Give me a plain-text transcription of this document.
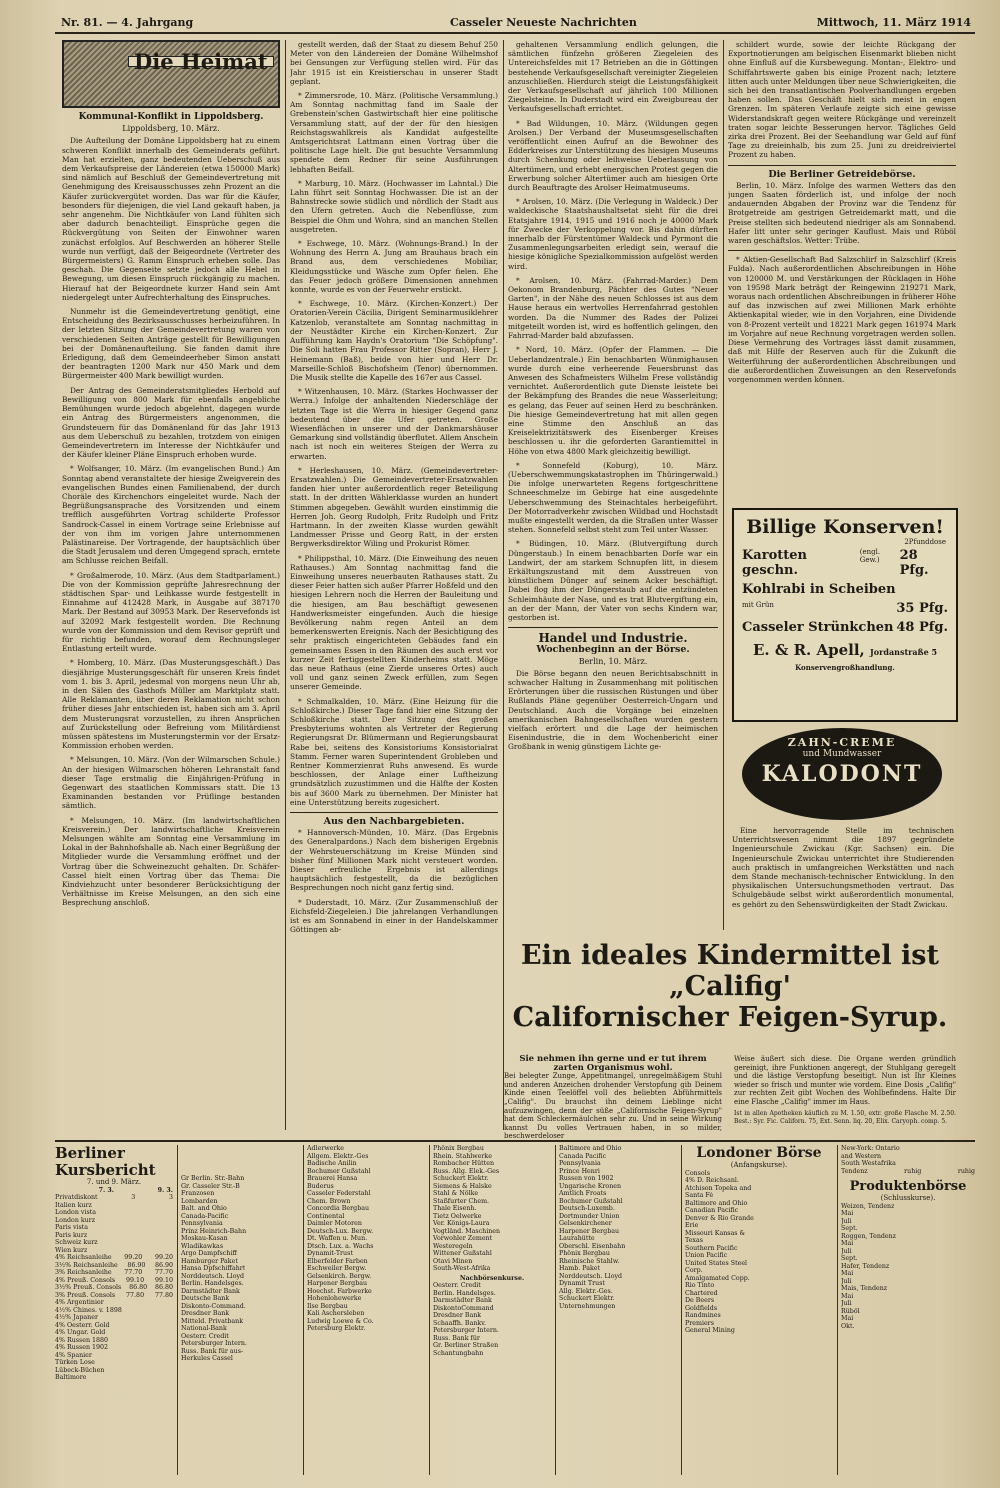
Nr. 81. — 4. Jahrgang	Casseler Neueste Nachrichten	Mittwoch, 11. März 1914
Die Heimat
Kommunal-Konflikt in Lippoldsberg.
Lippoldsberg, 10. März.

Die Aufteilung der Domäne Lippoldsberg hat zu einem schweren Konflikt innerhalb des Gemeinderats geführt. Man hat erzielten, ganz bedeutenden Ueberschuß aus dem Verkaufspreise der Ländereien (etwa 150000 Mark) sind nämlich auf Beschluß der Gemeindevertretung mit Genehmigung des Kreisausschusses zehn Prozent an die Käufer zurückvergütet worden. Das war für die Käufer, besonders für diejenigen, die viel Land gekauft haben, ja sehr angenehm. Die Nichtkäufer von Land fühlten sich aber dadurch benachteiligt. Einsprüche gegen die Rückvergütung von Seiten der Einwohner waren zunächst erfolglos. Auf Beschwerden an höherer Stelle wurde nun verfügt, daß der Beigeordnete (Vertreter des Bürgermeisters) G. Ramm Einspruch erheben solle. Das geschah. Die Gegenseite setzte jedoch alle Hebel in Bewegung, um diesen Einspruch rückgängig zu machen. Hierauf hat der Beigeordnete kurzer Hand sein Amt niedergelegt unter Aufrechterhaltung des Einspruches.

Nunmehr ist die Gemeindevertretung genötigt, eine Entscheidung des Bezirksausschusses herbeizuführen. In der letzten Sitzung der Gemeindevertretung waren von verschiedenen Seiten Anträge gestellt für Bewilligungen bei der Domänenaufteilung. Sie fanden damit ihre Erledigung, daß dem Gemeindeerheber Simon anstatt der beantragten 1200 Mark nur 450 Mark und dem Bürgermeister 400 Mark bewilligt wurden.

Der Antrag des Gemeinderatsmitgliedes Herbold auf Bewilligung von 800 Mark für ebenfalls angebliche Bemühungen wurde jedoch abgelehnt, dagegen wurde ein Antrag des Bürgermeisters angenommen, die Grundsteuern für das Domänenland für das Jahr 1913 aus dem Ueberschuß zu bezahlen, trotzdem von einigen Gemeindevertretern im Interesse der Nichtkäufer und der Käufer kleiner Pläne Einspruch erhoben wurde.

* Wolfsanger, 10. März. (Im evangelischen Bund.) Am Sonntag abend veranstaltete der hiesige Zweigverein des evangelischen Bundes einen Familienabend, der durch Choräle des Kirchenchors eingeleitet wurde. Nach der Begrüßungsansprache des Vorsitzenden und einem trefflich ausgeführten Vortrag schilderte Professor Sandrock-Cassel in einem Vortrage seine Erlebnisse auf der von ihm im vorigen Jahre unternommenen Palästinareise. Der Vortragende, der hauptsächlich über die Stadt Jerusalem und deren Umgegend sprach, erntete am Schlusse reichen Beifall.

* Großalmerode, 10. März. (Aus dem Stadtparlament.) Die von der Kommission geprüfte Jahresrechnung der städtischen Spar- und Leihkasse wurde festgestellt in Einnahme auf 412428 Mark, in Ausgabe auf 387170 Mark. Der Bestand auf 30953 Mark. Der Reservefonds ist auf 32092 Mark festgestellt worden. Die Rechnung wurde von der Kommission und dem Revisor geprüft und für richtig befunden, worauf dem Rechnungsleger Entlastung erteilt wurde.

* Homberg, 10. März. (Das Musterungsgeschäft.) Das diesjährige Musterungsgeschäft für unseren Kreis findet vom 1. bis 3. April, jedesmal von morgens neun Uhr ab, in den Sälen des Gasthofs Müller am Marktplatz statt. Alle Reklamanten, über deren Reklamation nicht schon früher dieses Jahr entschieden ist, haben sich am 3. April dem Musterungsrat vorzustellen, zu ihren Ansprüchen auf Zurückstellung oder Befreiung vom Militärdienst müssen spätestens im Musterungstermin vor der Ersatz-Kommission erhoben werden.

* Melsungen, 10. März. (Von der Wilmarschen Schule.) An der hiesigen Wilmarschen höheren Lehranstalt fand dieser Tage erstmalig die Einjährigen-Prüfung in Gegenwart des staatlichen Kommissars statt. Die 13 Examinanden bestanden vor Prüflinge bestanden sämtlich.

* Melsungen, 10. März. (Im landwirtschaftlichen Kreisverein.) Der landwirtschaftliche Kreisverein Melsungen wählte am Sonntag eine Versammlung im Lokal in der Bahnhofshalle ab. Nach einer Begrüßung der Mitglieder wurde die Versammlung eröffnet und der Vortrag über die Schweinezucht gehalten. Dr. Schäfer-Cassel hielt einen Vortrag über das Thema: Die Kindviehzucht unter besonderer Berücksichtigung der Verhältnisse im Kreise Melsungen, an den sich eine Besprechung anschloß.

gestellt werden, daß der Staat zu diesem Behuf 250 Meter von den Ländereien der Domäne Wilhelmshof bei Gensungen zur Verfügung stellen wird. Für das Jahr 1915 ist ein Kreistierschau in unserer Stadt geplant.

* Zimmersrode, 10. März. (Politische Versammlung.) Am Sonntag nachmittag fand im Saale der Grebenstein'schen Gastwirtschaft hier eine politische Versammlung statt, auf der der für den hiesigen Reichstagswahlkreis als Kandidat aufgestellte Amtsgerichtsrat Lattmann einen Vortrag über die politische Lage hielt. Die gut besuchte Versammlung spendete dem Redner für seine Ausführungen lebhaften Beifall.

* Marburg, 10. März. (Hochwasser im Lahntal.) Die Lahn führt seit Sonntag Hochwasser. Die ist an der Bahnstrecke sowie südlich und nördlich der Stadt aus den Ufern getreten. Auch die Nebenflüsse, zum Beispiel die Ohm und Wohra, sind an manchen Stellen ausgetreten.

* Eschwege, 10. März. (Wohnungs-Brand.) In der Wohnung des Herrn A. Jung am Brauhaus brach ein Brand aus, dem verschiedenes Mobiliar, Kleidungsstücke und Wäsche zum Opfer fielen. Ehe das Feuer jedoch größere Dimensionen annehmen konnte, wurde es von der Feuerwehr erstickt.

* Eschwege, 10. März. (Kirchen-Konzert.) Der Oratorien-Verein Cäcilia, Dirigent Seminarmusiklehrer Katzenlob, veranstaltete am Sonntag nachmittag in der Neustädter Kirche ein Kirchen-Konzert. Zur Aufführung kam Haydn's Oratorium "Die Schöpfung". Die Soli hatten Frau Professor Ritter (Sopran), Herr J. Heinemann (Baß), beide von hier und Herr Dr. Marseille-Schloß Bischofsheim (Tenor) übernommen. Die Musik stellte die Kapelle des 167er aus Cassel.

* Witzenhausen, 10. März. (Starkes Hochwasser der Werra.) Infolge der anhaltenden Niederschläge der letzten Tage ist die Werra in hiesiger Gegend ganz bedeutend über die Ufer getreten. Große Wiesenflächen in unserer und der Dankmarshäuser Gemarkung sind vollständig überflutet. Allem Anschein nach ist noch ein weiteres Steigen der Werra zu erwarten.

* Herleshausen, 10. März. (Gemeindevertreter-Ersatzwahlen.) Die Gemeindevertreter-Ersatzwahlen fanden hier unter außerordentlich reger Beteiligung statt. In der dritten Wählerklasse wurden an hundert Stimmen abgegeben. Gewählt wurden einstimmig die Herren Joh. Georg Rudolph, Fritz Rudolph und Fritz Hartmann. In der zweiten Klasse wurden gewählt Landmesser Prisse und Georg Ratt, in der ersten Bergwerksdirektor Wiling und Prokurist Römer.

* Philippsthal, 10. März. (Die Einweihung des neuen Rathauses.) Am Sonntag nachmittag fand die Einweihung unseres neuerbauten Rathauses statt. Zu dieser Feier hatten sich außer Pfarrer Hoßfeld und den hiesigen Lehrern noch die Herren der Bauleitung und die hiesigen, am Bau beschäftigt gewesenen Handwerksmeister eingefunden. Auch die hiesige Bevölkerung nahm regen Anteil an dem bemerkenswerten Ereignis. Nach der Besichtigung des sehr praktisch eingerichteten Gebäudes fand ein gemeinsames Essen in den Räumen des auch erst vor kurzer Zeit fertiggestellten Kinderheims statt. Möge das neue Rathaus (eine Zierde unseres Ortes) auch voll und ganz seinen Zweck erfüllen, zum Segen unserer Gemeinde.

* Schmalkalden, 10. März. (Eine Heizung für die Schloßkirche.) Dieser Tage fand hier eine Sitzung der Schloßkirche statt. Der Sitzung des großen Presbyteriums wohnten als Vertreter der Regierung Regierungsrat Dr. Blümermann und Regierungsbaurat Rabe bei, seitens des Konsistoriums Konsistorialrat Stamm. Ferner waren Superintendent Grobleben und Rentner Kommerzienrat Ruhs anwesend. Es wurde beschlossen, der Anlage einer Luftheizung grundsätzlich zuzustimmen und die Hälfte der Kosten bis auf 3600 Mark zu übernehmen. Der Minister hat eine Unterstützung bereits zugesichert.

Aus den Nachbargebieten.

* Hannoversch-Münden, 10. März. (Das Ergebnis des Generalpardons.) Nach dem bisherigen Ergebnis der Wehrsteuerschätzung im Kreise Münden sind bisher fünf Millionen Mark nicht versteuert worden. Dieser erfreuliche Ergebnis ist allerdings hauptsächlich festgestellt, da die bezüglichen Besprechungen noch nicht ganz fertig sind.

* Duderstadt, 10. März. (Zur Zusammenschluß der Eichsfeld-Ziegeleien.) Die jahrelangen Verhandlungen ist es am Sonnabend in einer in der Handelskammer Göttingen ab-

gehaltenen Versammlung endlich gelungen, die sämtlichen fünfzehn größeren Ziegeleien des Untereichsfeldes mit 17 Betrieben an die in Göttingen bestehende Verkaufsgesellschaft vereinigter Ziegeleien anzuschließen. Hierdurch steigt die Leistungsfähigkeit der Verkaufsgesellschaft auf jährlich 100 Millionen Ziegelsteine. In Duderstadt wird ein Zweigbureau der Verkaufsgesellschaft errichtet.

* Bad Wildungen, 10. März. (Wildungen gegen Arolsen.) Der Verband der Museumsgesellschaften veröffentlicht einen Aufruf an die Bewohner des Edderkreises zur Unterstützung des hiesigen Museums durch Schenkung oder leihweise Ueberlassung von Altertümern, und erhebt energischen Protest gegen die Erwerbung solcher Altertümer auch am hiesigen Orte durch Beauftragte des Arolser Heimatmuseums.

* Arolsen, 10. März. (Die Verlegung in Waldeck.) Der waldeckische Staatshaushaltsetat sieht für die drei Etatsjahre 1914, 1915 und 1916 noch je 40000 Mark für Zwecke der Verkoppelung vor. Bis dahin dürften innerhalb der Fürstentümer Waldeck und Pyrmont die Zusammenlegungsarbeiten erledigt sein, werauf die hiesige königliche Spezialkommission aufgelöst werden wird.

* Arolsen, 10. März. (Fahrrad-Marder.) Dem Oekonom Brandenburg, Pächter des Gutes "Neuer Garten", in der Nähe des neuen Schlosses ist aus dem Hause heraus ein wertvolles Herrenfahrrad gestohlen worden. Da die Nummer des Rades der Polizei mitgeteilt worden ist, wird es hoffentlich gelingen, den Fahrrad-Marder bald abzufassen.

* Nord, 10. März. (Opfer der Flammen. — Die Ueberlandzentrale.) Ein benachbarten Wünmighausen wurde durch eine verheerende Feuersbrunst das Anwesen des Schafmeisters Wilhelm Frese vollständig vernichtet. Außerordentlich gute Dienste leistete bei der Bekämpfung des Brandes die neue Wasserleitung; es gelang, das Feuer auf seinen Herd zu beschränken. Die hiesige Gemeindevertretung hat mit allen gegen eine Stimme den Anschluß an das Kreiselektrizitätswerk des Eisenberger Kreises beschlossen u. ihr die geforderten Garantiemittel in Höhe von etwa 4800 Mark gleichzeitig bewilligt.

* Sonnefeld (Koburg), 10. März. (Ueberschwemmungskatastrophen im Thüringerwald.) Die infolge unerwarteten Regens fortgeschrittene Schneeschmelze im Gebirge hat eine ausgedehnte Ueberschwemmung des Steinachtales herbeigeführt. Der Motorradverkehr zwischen Wildbad und Hochstadt mußte eingestellt werden, da die Straßen unter Wasser stehen. Sonnefeld selbst steht zum Teil unter Wasser.

* Büdingen, 10. März. (Blutvergiftung durch Düngerstaub.) In einem benachbarten Dorfe war ein Landwirt, der am starkem Schnupfen litt, in diesem Erkältungszustand mit dem Ausstreuen von künstlichem Dünger auf seinem Acker beschäftigt. Dabei flog ihm der Düngerstaub auf die entzündeten Schleimhäute der Nase, und es trat Blutvergiftung ein, an der der Mann, der Vater von sechs Kindern war, gestorben ist.

Handel und Industrie.
Wochenbeginn an der Börse.
Berlin, 10. März.

Die Börse begann den neuen Berichtsabschnitt in schwacher Haltung in Zusammenhang mit politischen Erörterungen über die russischen Rüstungen und über Rußlands Pläne gegenüber Oesterreich-Ungarn und Deutschland. Auch die Vorgänge bei einzelnen amerikanischen Bahngesellschaften wurden gestern vielfach erörtert und die Lage der heimischen Eisenindustrie, die in dem Wochenbericht einer Großbank in wenig günstigem Lichte ge-

schildert wurde, sowie der leichte Rückgang der Exportnotierungen am belgischen Eisenmarkt blieben nicht ohne Einfluß auf die Kursbewegung. Montan-, Elektro- und Schiffahrtswerte gaben bis einige Prozent nach; letztere litten auch unter Meldungen über neue Schwierigkeiten, die sich bei den transatlantischen Poolverhandlungen ergeben haben sollen. Das Geschäft hielt sich meist in engen Grenzen. Im späteren Verlaufe zeigte sich eine gewisse Widerstandskraft gegen weitere Rückgänge und vereinzelt traten sogar leichte Besserungen hervor. Tägliches Geld zirka drei Prozent. Bei der Seehandlung war Geld auf fünf Tage zu dreieinhalb, bis zum 25. Juni zu dreidreiviertel Prozent zu haben.

Die Berliner Getreidebörse.

Berlin, 10. März. Infolge des warmen Wetters das den jungen Saaten förderlich ist, und infolge der noch andauernden Abgaben der Provinz war die Tendenz für Brotgetreide am gestrigen Getreidemarkt matt, und die Preise stellten sich bedeutend niedriger als am Sonnabend. Hafer litt unter sehr geringer Kauflust. Mais und Rüböl waren geschäftslos. Wetter: Trübe.

* Aktien-Gesellschaft Bad Salzschlirf in Salzschlirf (Kreis Fulda). Nach außerordentlichen Abschreibungen in Höhe von 120000 M. und Verstärkungen der Rücklagen in Höhe von 19598 Mark beträgt der Reingewinn 219271 Mark, woraus nach ordentlichen Abschreibungen in früherer Höhe auf das inzwischen auf zwei Millionen Mark erhöhte Aktienkapital wieder, wie in den Vorjahren, eine Dividende von 8-Prozent verteilt und 18221 Mark gegen 161974 Mark im Vorjahre auf neue Rechnung vorgetragen werden sollen. Diese Vermehrung des Vortrages lässt damit zusammen, daß mit Hilfe der Reserven auch für die Zukunft die Weiterführung der außerordentlichen Abschreibungen und die außerordentlichen Zuweisungen an den Reservefonds vorgenommen werden können.

Billige Konserven!
2Pfunddose
Karotten geschn.
(engl. Gew.)	28 Pfg.
Kohlrabi in Scheiben
mit Grün	35 Pfg.
Casseler Strünkchen 48 Pfg.
E. & R. Apell, Jordanstraße 5
Konservengroßhandlung.
ZAHN-CREME
und Mundwasser
KALODONT

Eine hervorragende Stelle im technischen Unterrichtswesen nimmt die 1897 gegründete Ingenieurschule Zwickau (Kgr. Sachsen) ein. Die Ingenieurschule Zwickau unterrichtet ihre Studierenden auch praktisch in umfangreichen Werkstätten und nach dem Stande mechanisch-technischer Entwicklung. In den physikalischen Untersuchungsmethoden vertraut. Das Schulgebäude selbst wirkt außerordentlich monumental, es gehört zu den Sehenswürdigkeiten der Stadt Zwickau.

Ein ideales Kindermittel ist „Califig'
Californischer Feigen-Syrup.
Sie nehmen ihn gerne und er tut ihrem zarten Organismus wohl.
Bei belegter Zunge, Appetitmangel, unregelmäßigem Stuhl und anderen Anzeichen drohender Verstopfung gib Deinem Kinde einen Teelöffel voll des beliebten Abführmittels „Califig". Du brauchst ihn deinem Lieblinge nicht aufzuzwingen, denn der süße „Californische Feigen-Syrup" hat dem Schleckermäulchen sehr zu. Und in seine Wirkung kannst Du volles Vertrauen haben, in so milder, beschwerdeloser
Weise äußert sich diese. Die Organe werden gründlich gereinigt, ihre Funktionen angeregt, der Stuhlgang geregelt und die lästige Verstopfung beseitigt. Nun ist Ihr Kleines wieder so frisch und munter wie vordem. Eine Dosis „Califig" zur rechten Zeit gibt Wochen des Wohlbefindens. Halte Dir eine Flasche „Califig" immer im Haus.
Ist in allen Apotheken käuflich zu M. 1.50, extr. große Flasche M. 2.50. Best.: Syr. Fic. Californ. 75, Ext. Senn. liq. 20, Elix. Caryoph. comp. 5.
Berliner Kursbericht
7. und 9. März.
7. 3.	9. 3.
Privatdiskont	3	3
Italien kurz
London vista
London kurz
Paris vista
Paris kurz
Schweiz kurz
Wien kurz
4% Reichsanleihe	99.20	99.20
3½% Reichsanleihe	86.90	86.90
3% Reichsanleihe	77.70	77.70
4% Preuß. Consols	99.10	99.10
3½% Preuß. Consols	86.80	86.80
3% Preuß. Consols	77.80	77.80
4% Argentinier
4½% Chines. v. 1898
4½% Japaner
4% Oesterr. Gold
4% Ungar. Gold
4% Russen 1880
4% Russen 1902
4% Spanier
Türken Lose
Lübeck-Büchen
Baltimore
Gr Berlin. Str.-Bahn
Gr. Casseler Str.-B
Franzosen
Lombarden
Balt. and Ohio
Canada-Pacific
Pennsylvania
Prinz Heinrich-Bahn
Moskau-Kasan
Wladikawkas
Argo Dampfschiff
Hamburger Paket
Hansa Dpfschiffahrt
Norddeutsch. Lloyd
Berlin. Handelsges.
Darmstädter Bank
Deutsche Bank
Diskonto-Command.
Dresdner Bank
Mitteld. Privatbank
National-Bank
Oesterr. Credit
Petersburger Intern.
Russ. Bank für aus-
Herkules Cassel
Adlerwerke
Allgem. Elektr.-Ges
Badische Anilin
Bochumer Gußstahl
Brauerei Hansa
Buderus
Casseler Federstahl
Chem. Brown
Concordia Bergbau
Continental
Daimler Motoren
Deutsch-Lux. Bergw.
Dt. Waffen u. Mun.
Dtsch. Lux. a. Wachs
Dynamit-Trust
Elberfelder Farben
Eschweiler Bergw.
Gelsenkirch. Bergw.
Harpener Bergbau
Hoechst. Farbwerke
Hohenlohewerke
Ilse Bergbau
Kali Aschersleben
Ludwig Loewe & Co.
Petersburg Elektr.
Phönix Bergbau
Rhein. Stahlwerke
Rombacher Hütten
Russ. Allg. Elek.-Ges
Schuckert Elektr.
Siemens & Halske
Stahl & Nölke
Staßfurter Chem.
Thale Eisenh.
Tietz Oelwerke
Ver. Königs-Laura
Vogtländ. Maschinen
Vorwohler Zement
Westeregeln
Wittener Gußstahl
Otavi Minen
South-West-Afrika
Nachbörsenkurse.
Oesterr. Credit
Berlin. Handelsges.
Darmstädter Bank
DiskontoCommand
Dresdner Bank
Schaaffh. Bankv.
Petersburger Intern.
Russ. Bank für
Gr. Berliner Straßen
Schantungbahn
Baltimore and Ohio
Canada Pacific
Pennsylvania
Prince Henri
Russen von 1902
Ungarische Kronen
Amtlich Froats
Bochumer Gußstahl
Deutsch-Luxemb.
Dortmunder Union
Gelsenkirchener
Harpener Bergbau
Laurahütte
Oberschl. Eisenbahn
Phönix Bergbau
Rheinische Stahlw.
Hamb. Paket
Norddeutsch. Lloyd
Dynamit Trust
Allg. Elektr.-Ges.
Schuckert Elektr.
Unternehmungen
Londoner Börse
(Anfangskurse).
Consols
4% D. Reichsanl.
Atchison Topeka and
Santa Fé
Baltimore and Ohio
Canadian Pacific
Denver & Rio Grande
Erie
Missouri Kansas &
Texas
Southern Pacific
Union Pacific
United States Steel
Corp.
Amalgamated Copp.
Rio Tinto
Chartered
De Beers
Goldfields
Randmines
Premiers
General Mining
New-York: Ontario
and Western
South Westafrika
Tendenz	ruhig	ruhig
Produktenbörse
(Schlusskurse).
Weizen, Tendenz
Mai
Juli
Sept.
Roggen, Tendenz
Mai
Juli
Sept.
Hafer, Tendenz
Mai
Juli
Mais, Tendenz
Mai
Juli
Rüböl
Mai
Okt.
